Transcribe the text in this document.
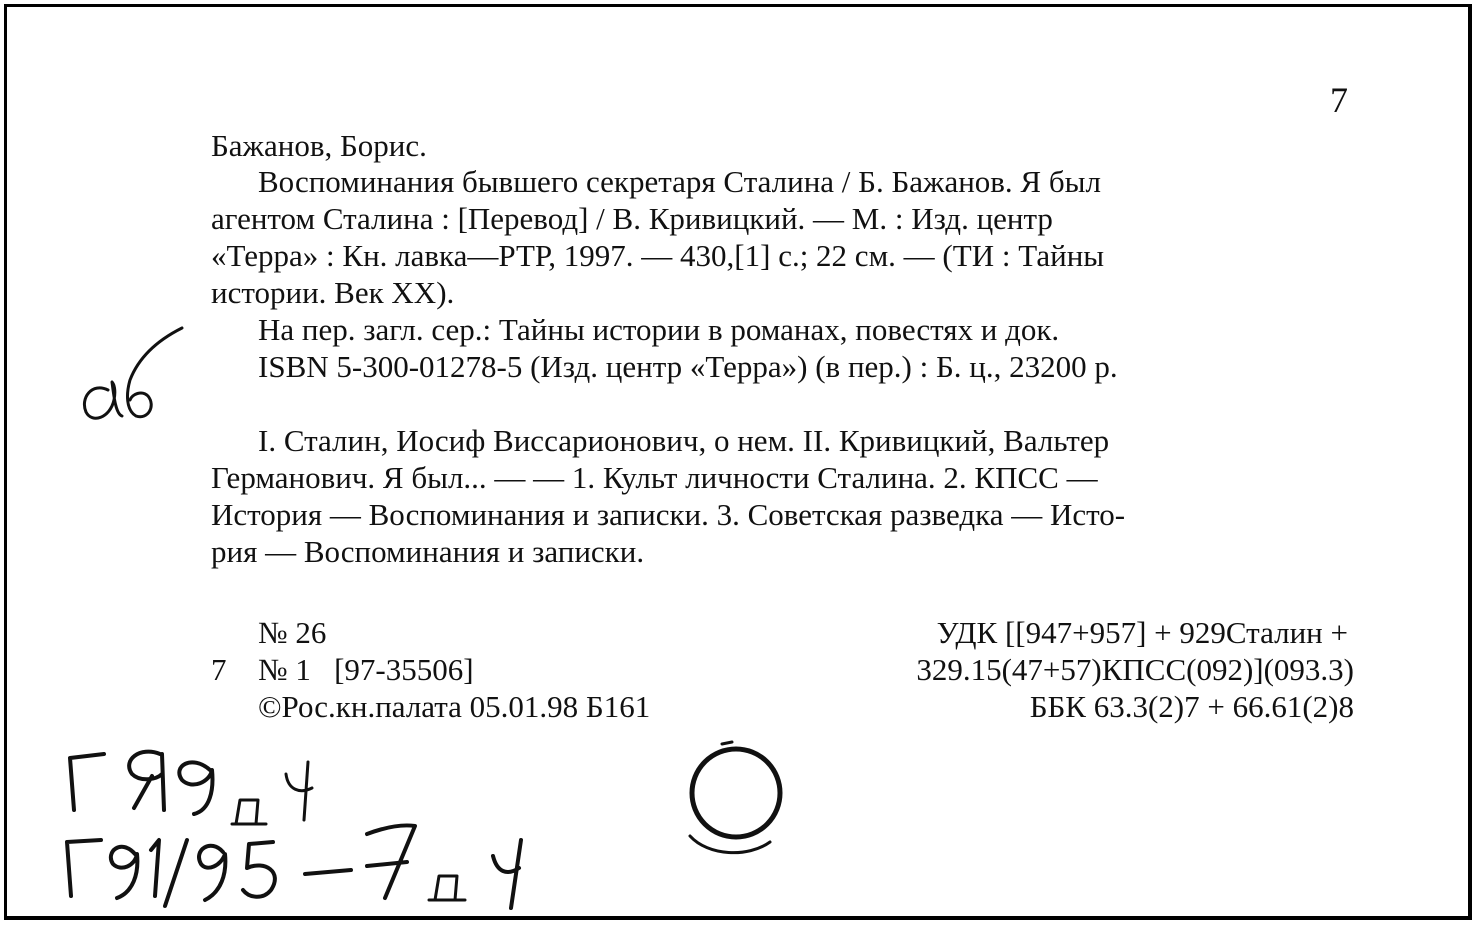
7
Бажанов, Борис.
Воспоминания бывшего секретаря Сталина / Б. Бажанов. Я был
агентом Сталина : [Перевод] / В. Кривицкий. — М. : Изд. центр
«Терра» : Кн. лавка—РТР, 1997. — 430,[1] с.; 22 см. — (ТИ : Тайны
истории. Век XX).
На пер. загл. сер.: Тайны истории в романах, повестях и док.
ISBN 5-300-01278-5 (Изд. центр «Терра») (в пер.) : Б. ц., 23200 р.
I. Сталин, Иосиф Виссарионович, о нем. II. Кривицкий, Вальтер
Германович. Я был... — — 1. Культ личности Сталина. 2. КПСС —
История — Воспоминания и записки. 3. Советская разведка — Исто-
рия — Воспоминания и записки.
№ 26
7 № 1   [97-35506]
©Рос.кн.палата 05.01.98 Б161
УДК [[947+957] + 929Сталин +
329.15(47+57)КПСС(092)](093.3)
ББК 63.3(2)7 + 66.61(2)8
